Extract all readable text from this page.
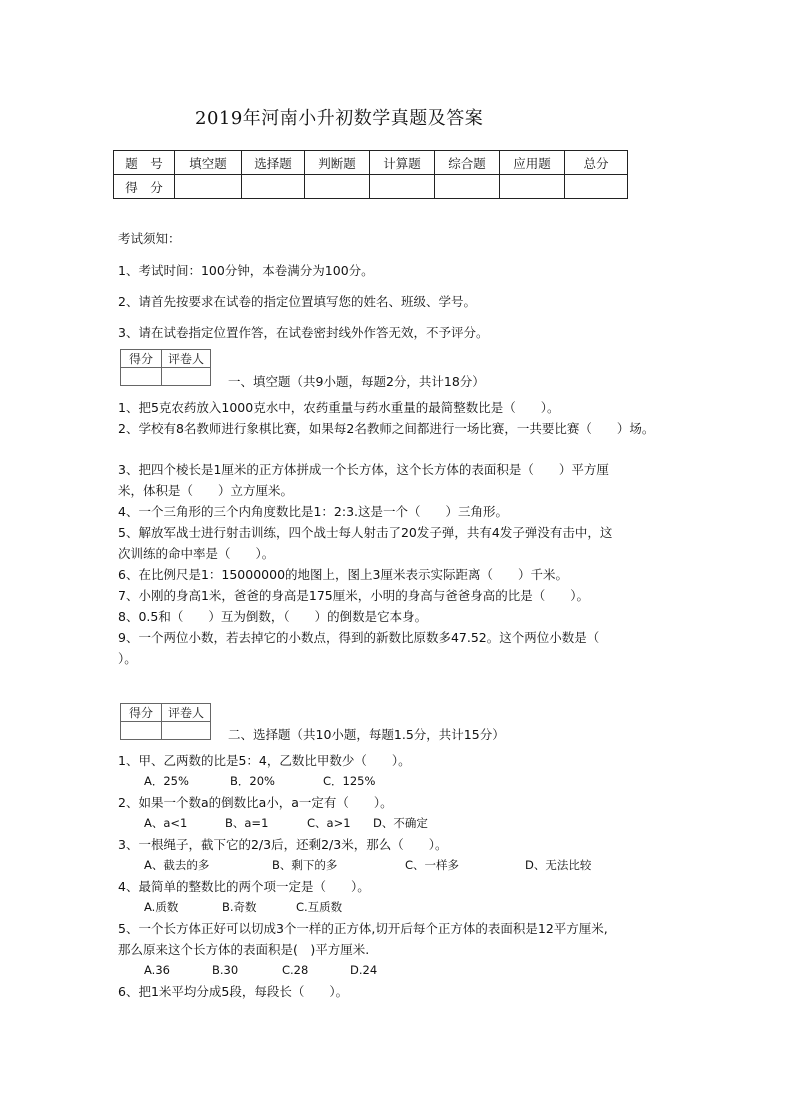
2019年河南小升初数学真题及答案
题　号	填空题	选择题	判断题	计算题	综合题	应用题	总分
得　分							
考试须知：
1、考试时间：100分钟，本卷满分为100分。
2、请首先按要求在试卷的指定位置填写您的姓名、班级、学号。
3、请在试卷指定位置作答，在试卷密封线外作答无效，不予评分。
得分	评卷人

一、填空题（共9小题，每题2分，共计18分）
1、把5克农药放入1000克水中，农药重量与药水重量的最简整数比是（　　）。
2、学校有8名教师进行象棋比赛，如果每2名教师之间都进行一场比赛，一共要比赛（　　）场。
3、把四个棱长是1厘米的正方体拼成一个长方体，这个长方体的表面积是（　　）平方厘
米，体积是（　　）立方厘米。
4、一个三角形的三个内角度数比是1：2:3.这是一个（　　）三角形。
5、解放军战士进行射击训练，四个战士每人射击了20发子弹，共有4发子弹没有击中，这
次训练的命中率是（　　）。
6、在比例尺是1：15000000的地图上，图上3厘米表示实际距离（　　）千米。
7、小刚的身高1米，爸爸的身高是175厘米，小明的身高与爸爸身高的比是（　　）。
8、0.5和（　　）互为倒数，（　　）的倒数是它本身。
9、一个两位小数，若去掉它的小数点，得到的新数比原数多47.52。这个两位小数是（
）。
得分	评卷人

二、选择题（共10小题，每题1.5分，共计15分）
1、甲、乙两数的比是5：4，乙数比甲数少（　　）。
A．25%	B．20%	C．125%
2、如果一个数a的倒数比a小，a一定有（　　）。
A、a<1	B、a=1	C、a>1 D、不确定
3、一根绳子，截下它的2/3后，还剩2/3米，那么（　　）。
A、截去的多	B、剩下的多	C、一样多	D、无法比较
4、最简单的整数比的两个项一定是（　　）。
A.质数	B.奇数	C.互质数
5、一个长方体正好可以切成3个一样的正方体,切开后每个正方体的表面积是12平方厘米,
那么原来这个长方体的表面积是(　)平方厘米.
A.36	B.30	C.28	D.24
6、把1米平均分成5段，每段长（　　）。
